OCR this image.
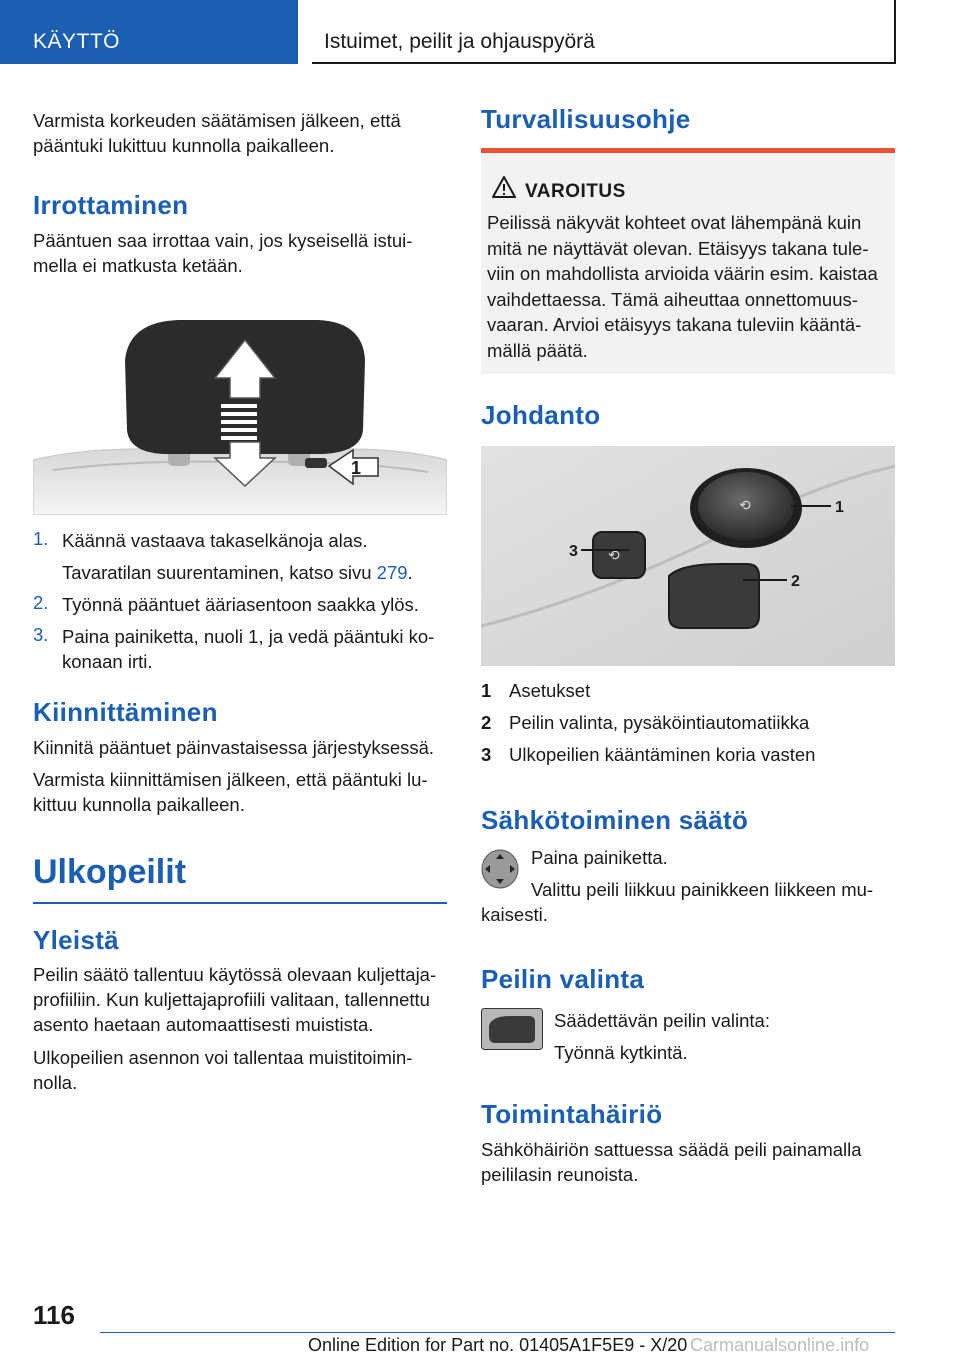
KÄYTTÖ	Istuimet, peilit ja ohjauspyörä

Varmista korkeuden säätämisen jälkeen, että pääntuki lukittuu kunnolla paikalleen.

Irrottaminen

Pääntuen saa irrottaa vain, jos kyseisellä istuimella ei matkusta ketään.

1
1. Käännä vastaava takaselkänoja alas.
Tavaratilan suurentaminen, katso sivu 279.
2. Työnnä pääntuet ääriasentoon saakka ylös.
3. Paina painiketta, nuoli 1, ja vedä pääntuki kokonaan irti.
Kiinnittäminen

Kiinnitä pääntuet päinvastaisessa järjestyksessä.

Varmista kiinnittämisen jälkeen, että pääntuki lukittuu kunnolla paikalleen.

Ulkopeilit
Yleistä

Peilin säätö tallentuu käytössä olevaan kuljettajaprofiiliin. Kun kuljettajaprofiili valitaan, tallennettu asento haetaan automaattisesti muistista.

Ulkopeilien asennon voi tallentaa muistitoiminnolla.

Turvallisuusohje
VAROITUS
Peilissä näkyvät kohteet ovat lähempänä kuin mitä ne näyttävät olevan. Etäisyys takana tuleviin on mahdollista arvioida väärin esim. kaistaa vaihdettaessa. Tämä aiheuttaa onnettomuusvaaran. Arvioi etäisyys takana tuleviin kääntämällä päätä.
Johdanto
⟲
⟲
1
2
3
1 Asetukset
2 Peilin valinta, pysäköintiautomatiikka
3 Ulkopeilien kääntäminen koria vasten
Sähkötoiminen säätö

Paina painiketta.

Valittu peili liikkuu painikkeen liikkeen mukaisesti.

Peilin valinta

Säädettävän peilin valinta:

Työnnä kytkintä.

Toimintahäiriö

Sähköhäiriön sattuessa säädä peili painamalla peililasin reunoista.

116
Online Edition for Part no. 01405A1F5E9 - X/20 Carmanualsonline.info
